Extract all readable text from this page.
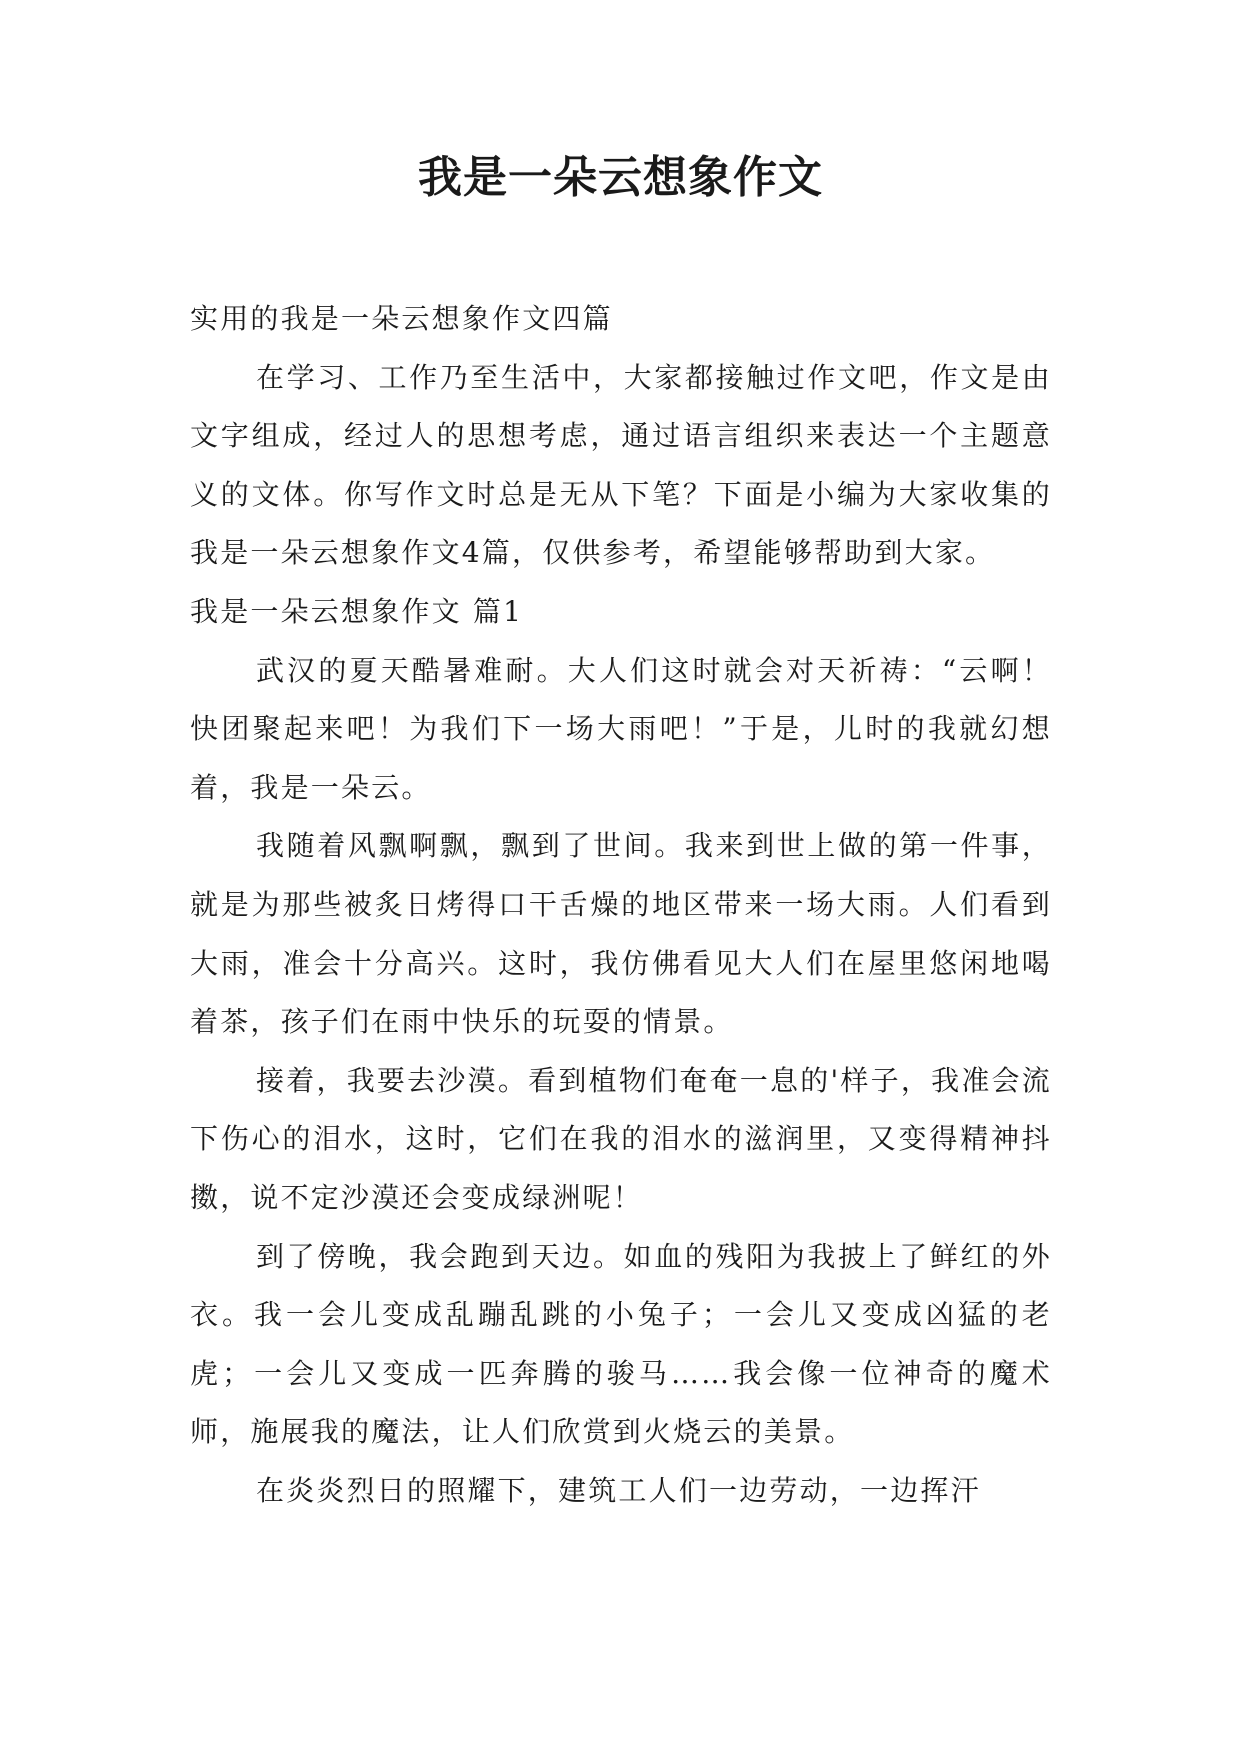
我是一朵云想象作文

实用的我是一朵云想象作文四篇

在学习、工作乃至生活中，大家都接触过作文吧，作文是由文字组成，经过人的思想考虑，通过语言组织来表达一个主题意义的文体。你写作文时总是无从下笔？下面是小编为大家收集的我是一朵云想象作文4篇，仅供参考，希望能够帮助到大家。

我是一朵云想象作文 篇1

武汉的夏天酷暑难耐。大人们这时就会对天祈祷：“云啊！快团聚起来吧！为我们下一场大雨吧！”于是，儿时的我就幻想着，我是一朵云。

我随着风飘啊飘，飘到了世间。我来到世上做的第一件事，就是为那些被炙日烤得口干舌燥的地区带来一场大雨。人们看到大雨，准会十分高兴。这时，我仿佛看见大人们在屋里悠闲地喝着茶，孩子们在雨中快乐的玩耍的情景。

接着，我要去沙漠。看到植物们奄奄一息的'样子，我准会流下伤心的泪水，这时，它们在我的泪水的滋润里，又变得精神抖擞，说不定沙漠还会变成绿洲呢！

到了傍晚，我会跑到天边。如血的残阳为我披上了鲜红的外衣。我一会儿变成乱蹦乱跳的小兔子；一会儿又变成凶猛的老虎；一会儿又变成一匹奔腾的骏马……我会像一位神奇的魔术师，施展我的魔法，让人们欣赏到火烧云的美景。

在炎炎烈日的照耀下，建筑工人们一边劳动，一边挥汗
